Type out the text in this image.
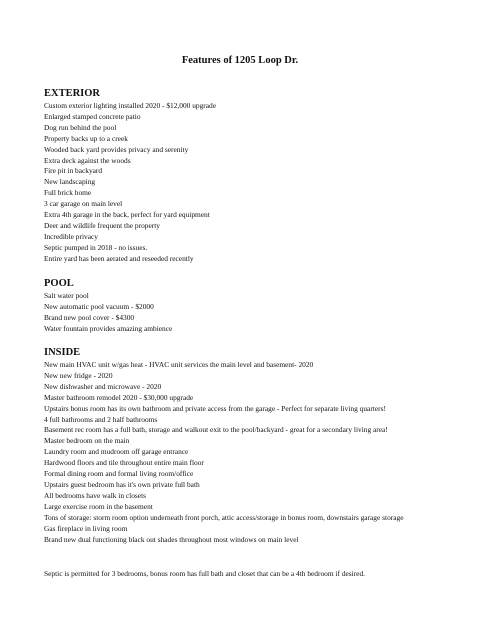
Features of 1205 Loop Dr.
EXTERIOR
Custom exterior lighting installed 2020 - $12,000 upgrade
Enlarged stamped concrete patio
Dog run behind the pool
Property backs up to a creek
Wooded back yard provides privacy and serenity
Extra deck against the woods
Fire pit in backyard
New landscaping
Full brick home
3 car garage on main level
Extra 4th garage in the back, perfect for yard equipment
Deer and wildlife frequent the property
Incredible privacy
Septic pumped in 2018 - no issues.
Entire yard has been aerated and reseeded recently
POOL
Salt water pool
New automatic pool vacuum - $2000
Brand new pool cover - $4300
Water fountain provides amazing ambience
INSIDE
New main HVAC unit w/gas heat - HVAC unit services the main level and basement- 2020
New new fridge - 2020
New dishwasher and microwave - 2020
Master bathroom remodel 2020 - $30,000 upgrade
Upstairs bonus room has its own bathroom and private access from the garage - Perfect for separate living quarters!
4 full bathrooms and 2 half bathrooms
Basement rec room has a full bath, storage and walkout exit to the pool/backyard - great for a secondary living area!
Master bedroom on the main
Laundry room and mudroom off garage entrance
Hardwood floors and tile throughout entire main floor
Formal dining room and formal living room/office
Upstairs guest bedroom has it's own private full bath
All bedrooms have walk in closets
Large exercise room in the basement
Tons of storage: storm room option underneath front porch, attic access/storage in bonus room, downstairs garage storage
Gas fireplace in living room
Brand new dual functioning black out shades throughout most windows on main level
Septic is permitted for 3 bedrooms, bonus room has full bath and closet that can be a 4th bedroom if desired.
